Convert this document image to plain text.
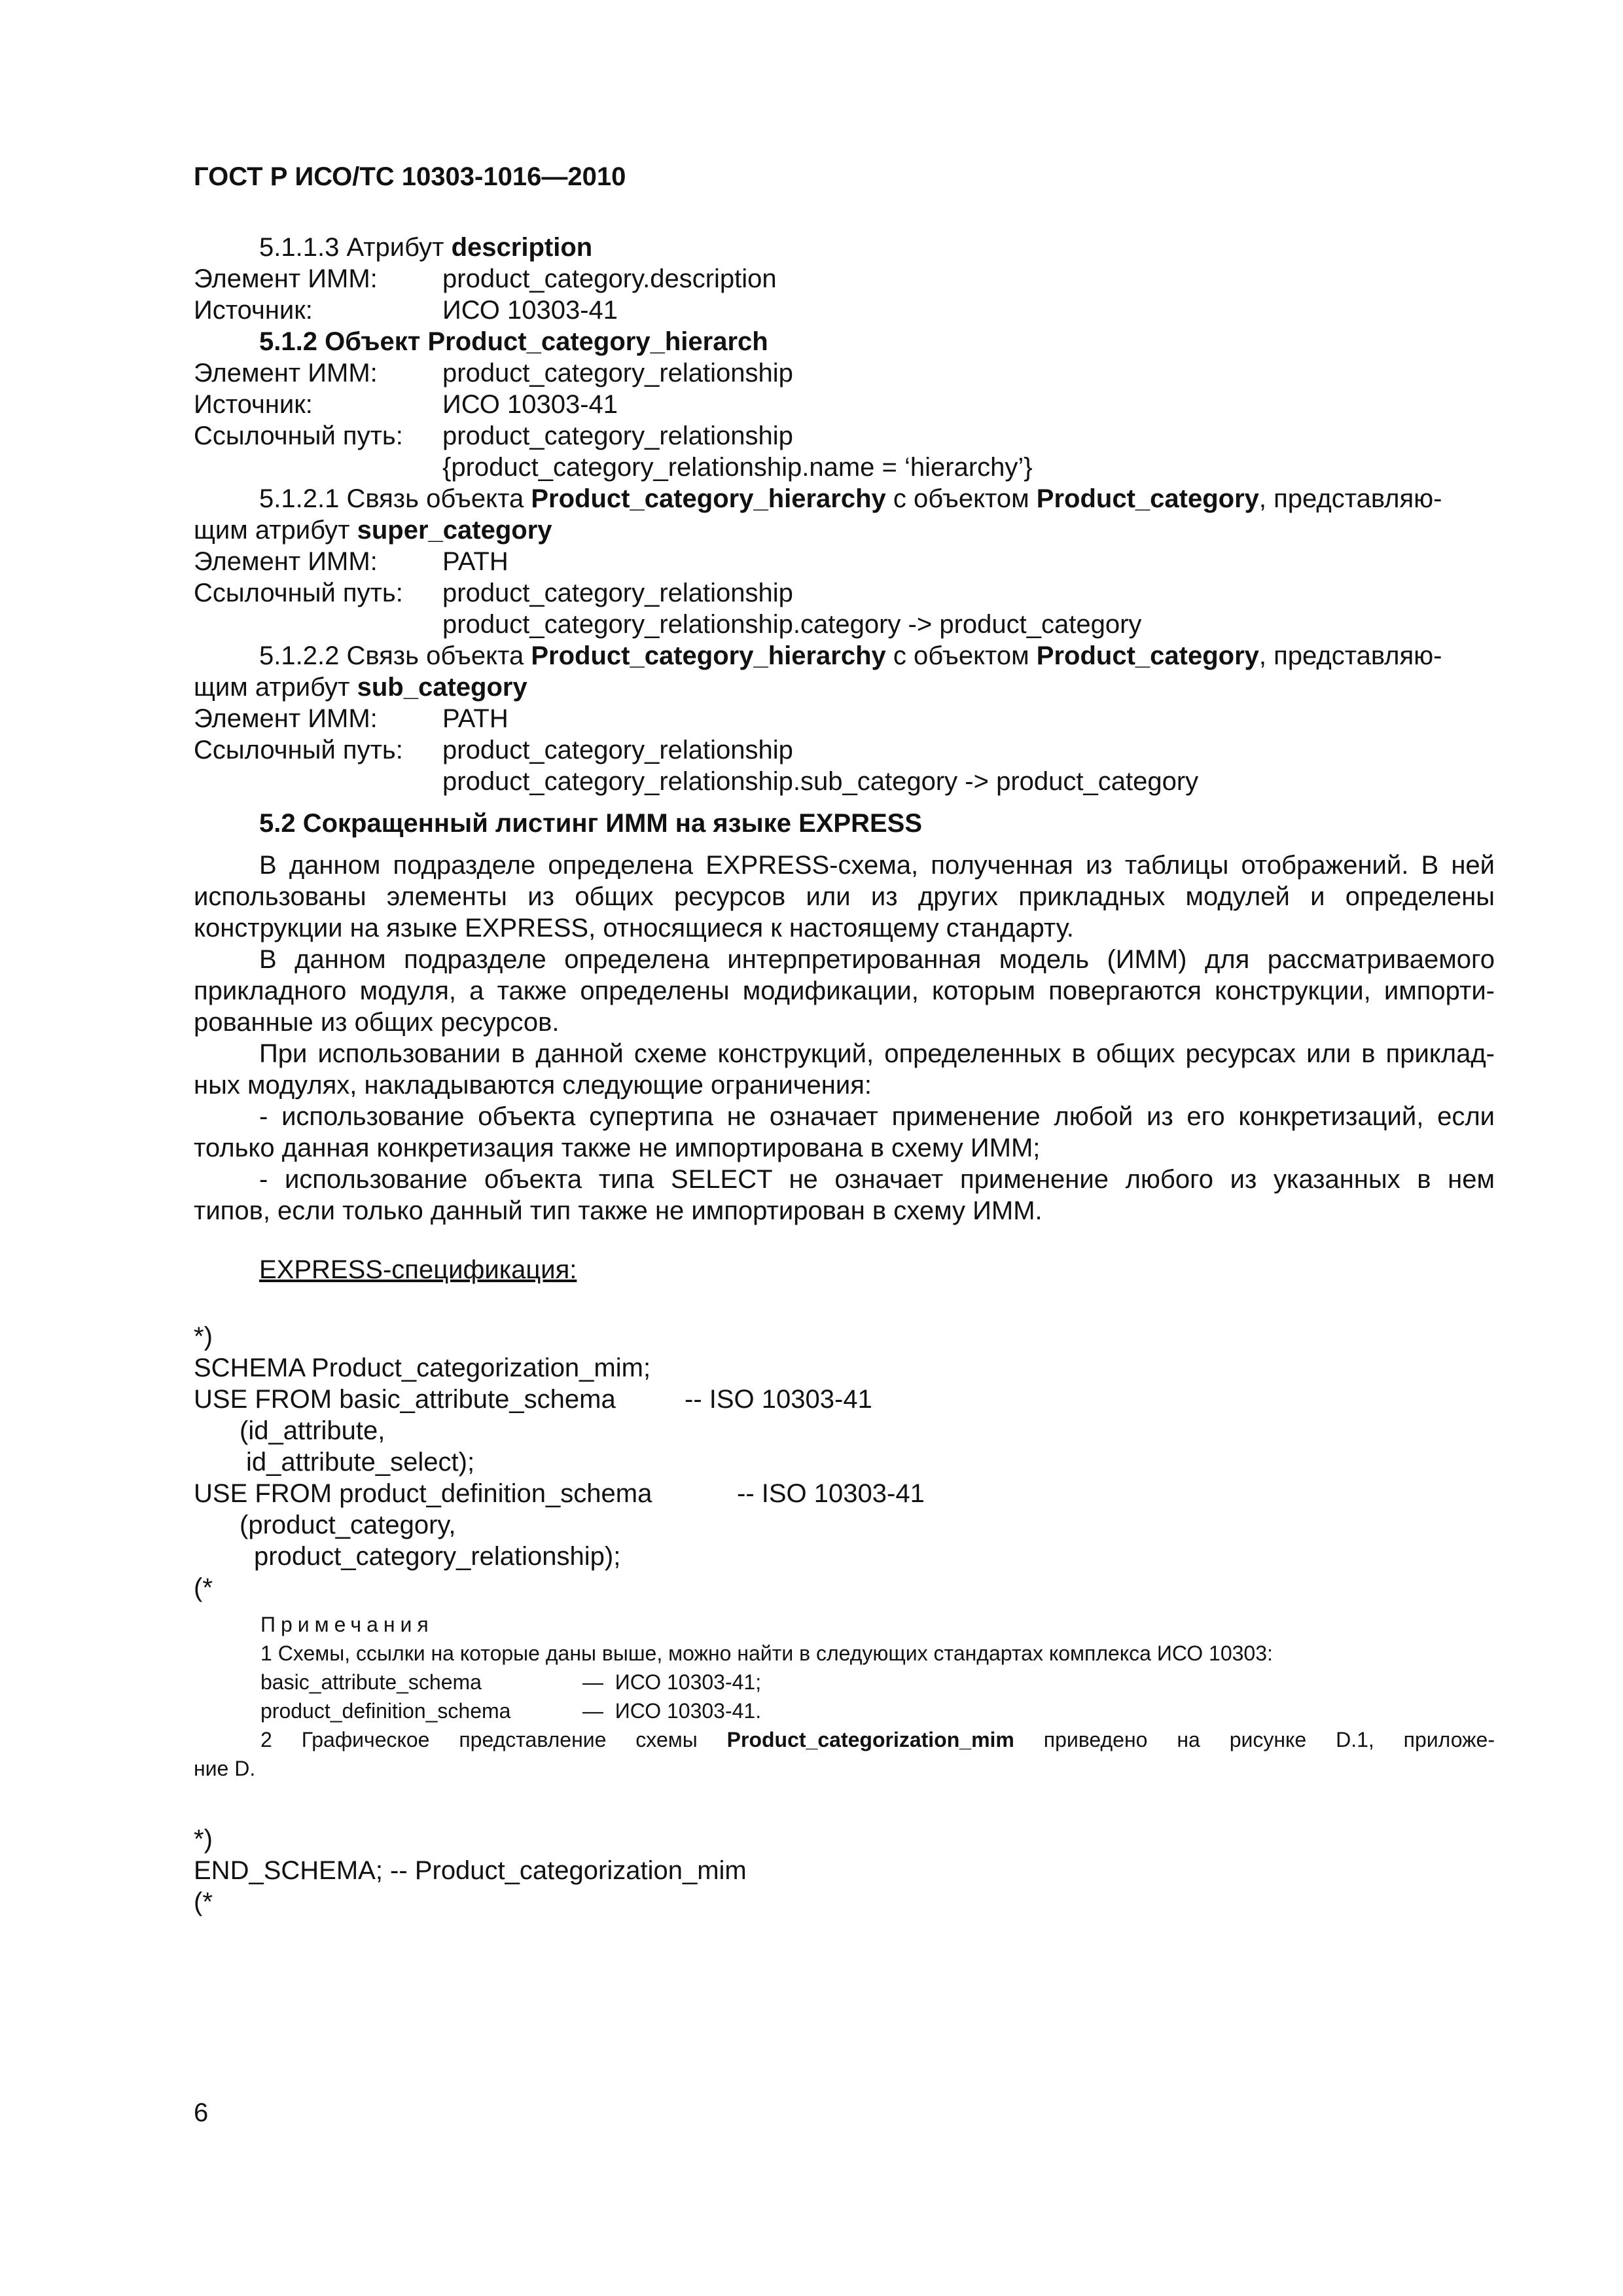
ГОСТ Р ИСО/ТС 10303-1016—2010
5.1.1.3 Атрибут description
Элемент ИММ: product_category.description
Источник:	ИСО 10303-41
5.1.2 Объект Product_category_hierarch
Элемент ИММ: product_category_relationship
Источник:	ИСО 10303-41
Ссылочный путь: product_category_relationship
{product_category_relationship.name = ‘hierarchy’}
5.1.2.1 Связь объекта Product_category_hierarchy с объектом Product_category, представляю-
щим атрибут super_category
Элемент ИММ: PATH
Ссылочный путь: product_category_relationship
product_category_relationship.category -> product_category
5.1.2.2 Связь объекта Product_category_hierarchy с объектом Product_category, представляю-
щим атрибут sub_category
Элемент ИММ: PATH
Ссылочный путь: product_category_relationship
product_category_relationship.sub_category -> product_category
5.2 Сокращенный листинг ИММ на языке EXPRESS
В данном подразделе определена EXPRESS-схема, полученная из таблицы отображений. В ней
использованы элементы из общих ресурсов или из других прикладных модулей и определены
конструкции на языке EXPRESS, относящиеся к настоящему стандарту.
В данном подразделе определена интерпретированная модель (ИММ) для рассматриваемого
прикладного модуля, а также определены модификации, которым повергаются конструкции, импорти-
рованные из общих ресурсов.
При использовании в данной схеме конструкций, определенных в общих ресурсах или в приклад-
ных модулях, накладываются следующие ограничения:
- использование объекта супертипа не означает применение любой из его конкретизаций, если
только данная конкретизация также не импортирована в схему ИММ;
- использование объекта типа SELECT не означает применение любого из указанных в нем
типов, если только данный тип также не импортирован в схему ИММ.
EXPRESS-спецификация:
*)
SCHEMA Product_categorization_mim;
USE FROM basic_attribute_schema	-- ISO 10303-41
(id_attribute,
id_attribute_select);
USE FROM product_definition_schema	-- ISO 10303-41
(product_category,
product_category_relationship);
(*
Примечания
1 Схемы, ссылки на которые даны выше, можно найти в следующих стандартах комплекса ИСО 10303:
basic_attribute_schema	—  ИСО 10303-41;
product_definition_schema	—  ИСО 10303-41.
2 Графическое представление схемы Product_categorization_mim приведено на рисунке D.1, приложе-
ние D.
*)
END_SCHEMA; -- Product_categorization_mim
(*
6
